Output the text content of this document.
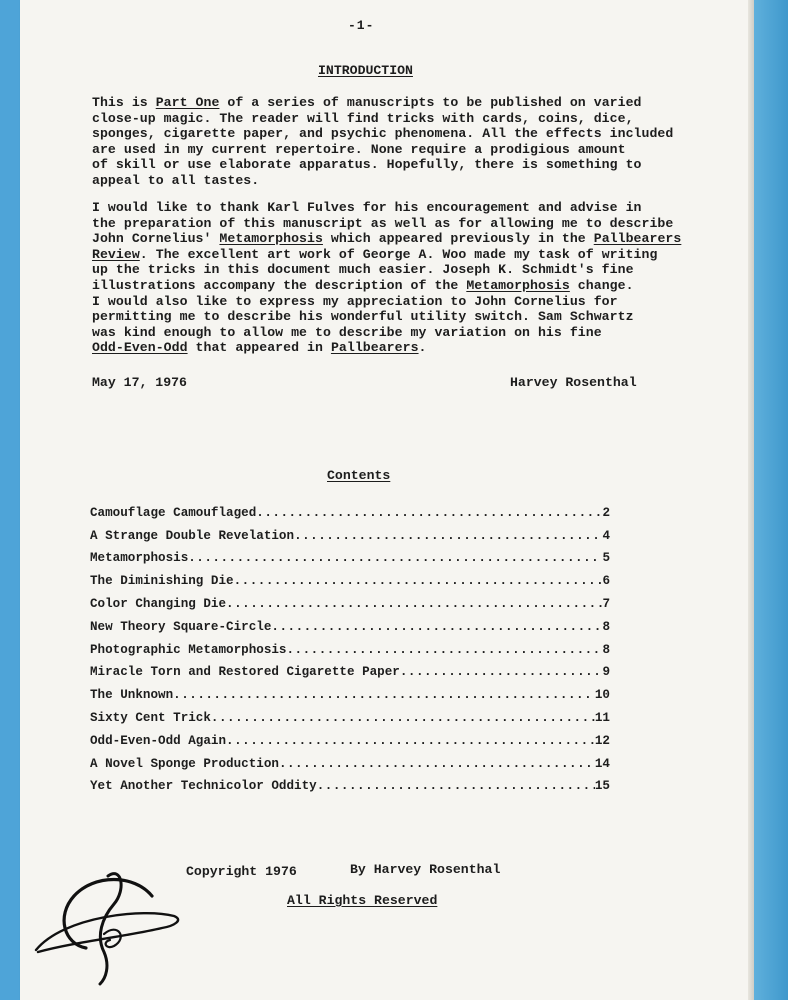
-1-
INTRODUCTION
This is Part One of a series of manuscripts to be published on varied
close-up magic. The reader will find tricks with cards, coins, dice,
sponges, cigarette paper, and psychic phenomena. All the effects included
are used in my current repertoire. None require a prodigious amount
of skill or use elaborate apparatus. Hopefully, there is something to
appeal to all tastes.
I would like to thank Karl Fulves for his encouragement and advise in
the preparation of this manuscript as well as for allowing me to describe
John Cornelius' Metamorphosis which appeared previously in the Pallbearers
Review. The excellent art work of George A. Woo made my task of writing
up the tricks in this document much easier. Joseph K. Schmidt's fine
illustrations accompany the description of the Metamorphosis change.
I would also like to express my appreciation to John Cornelius for
permitting me to describe his wonderful utility switch. Sam Schwartz
was kind enough to allow me to describe my variation on his fine
Odd-Even-Odd that appeared in Pallbearers.
May 17, 1976	Harvey Rosenthal
Contents
Camouflage Camouflaged .....	2
A Strange Double Revelation .....	4
Metamorphosis .....	5
The Diminishing Die .....	6
Color Changing Die .....	7
New Theory Square-Circle .....	8
Photographic Metamorphosis .....	8
Miracle Torn and Restored Cigarette Paper .....	9
The Unknown .....	10
Sixty Cent Trick .....	11
Odd-Even-Odd Again .....	12
A Novel Sponge Production .....	14
Yet Another Technicolor Oddity .....	15
Copyright 1976	By Harvey Rosenthal
All Rights Reserved
